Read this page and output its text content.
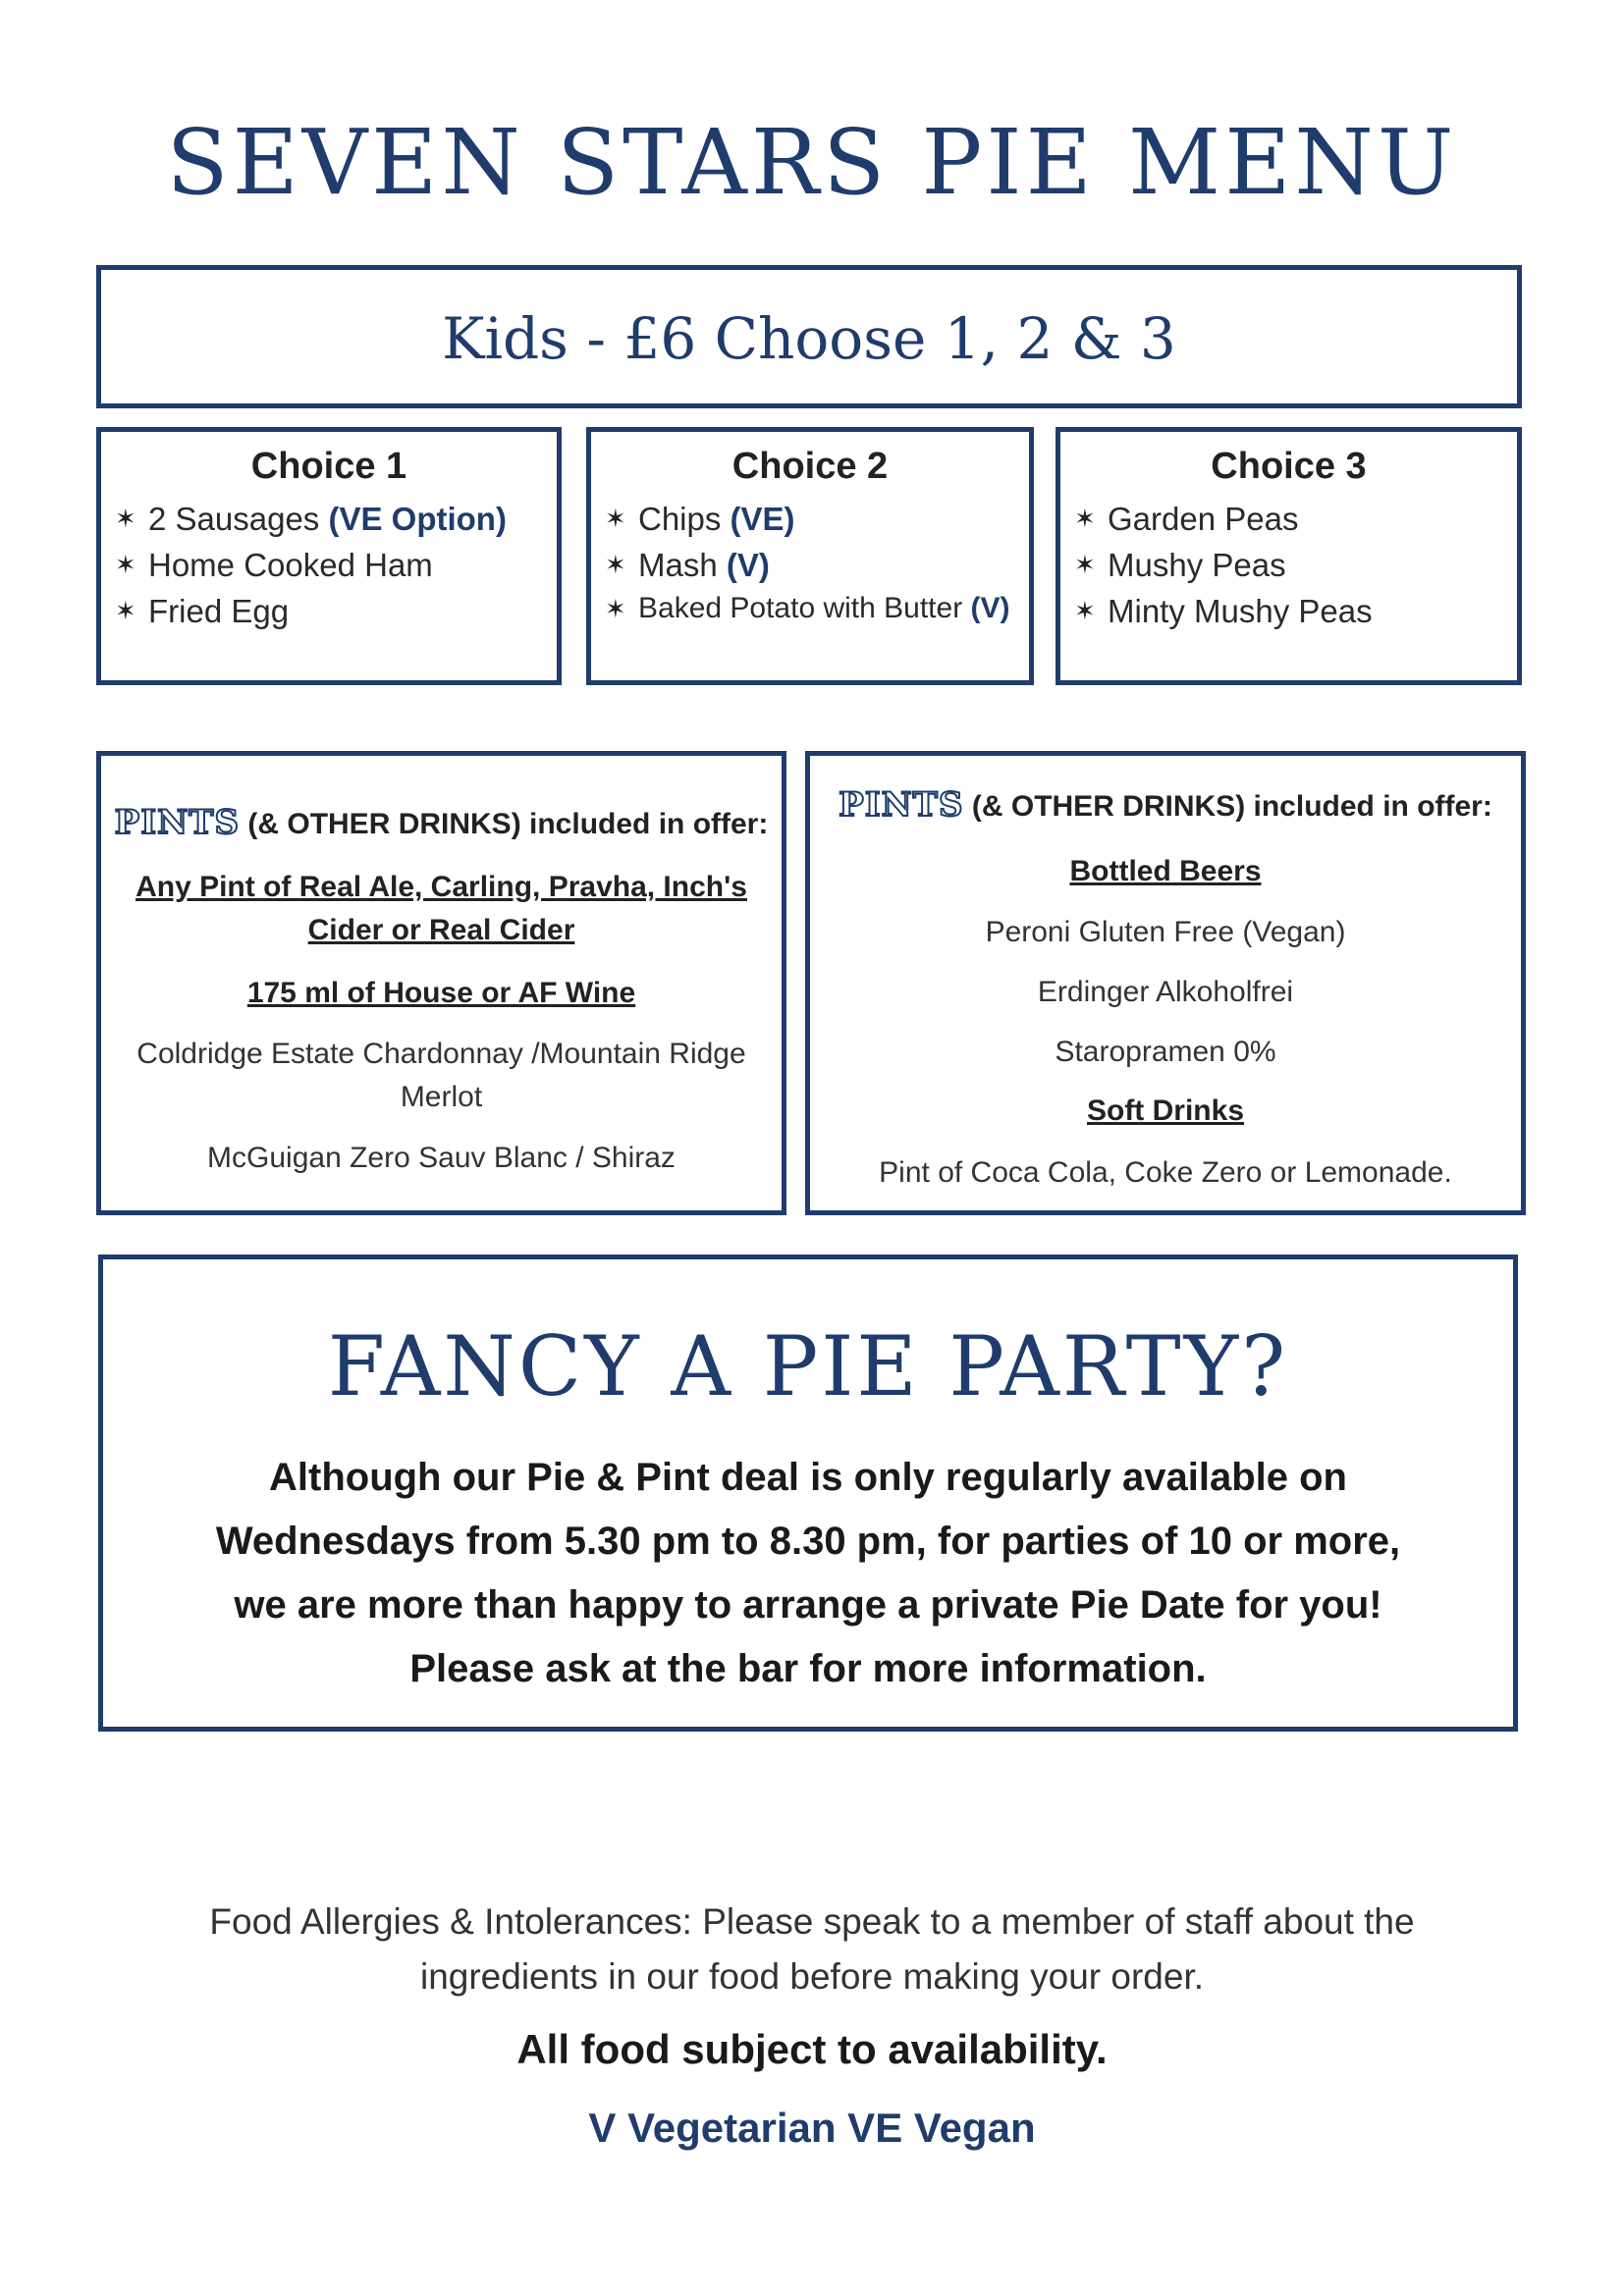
SEVEN STARS PIE MENU
Kids - £6 Choose 1, 2 & 3
Choice 1
✶ 2 Sausages (VE Option)
✶ Home Cooked Ham
✶ Fried Egg
Choice 2
✶ Chips (VE)
✶ Mash (V)
✶ Baked Potato with Butter (V)
Choice 3
✶ Garden Peas
✶ Mushy Peas
✶ Minty Mushy Peas
PINTS (& OTHER DRINKS) included in offer:
Any Pint of Real Ale, Carling, Pravha, Inch's Cider or Real Cider
175 ml of House or AF Wine
Coldridge Estate Chardonnay /Mountain Ridge Merlot
McGuigan Zero Sauv Blanc / Shiraz
PINTS (& OTHER DRINKS) included in offer:
Bottled Beers
Peroni Gluten Free (Vegan)
Erdinger Alkoholfrei
Staropramen 0%
Soft Drinks
Pint of Coca Cola, Coke Zero or Lemonade.
FANCY A PIE PARTY?
Although our Pie & Pint deal is only regularly available on
Wednesdays from 5.30 pm to 8.30 pm, for parties of 10 or more,
we are more than happy to arrange a private Pie Date for you!
Please ask at the bar for more information.
Food Allergies & Intolerances: Please speak to a member of staff about the
ingredients in our food before making your order.
All food subject to availability.
V Vegetarian VE Vegan
